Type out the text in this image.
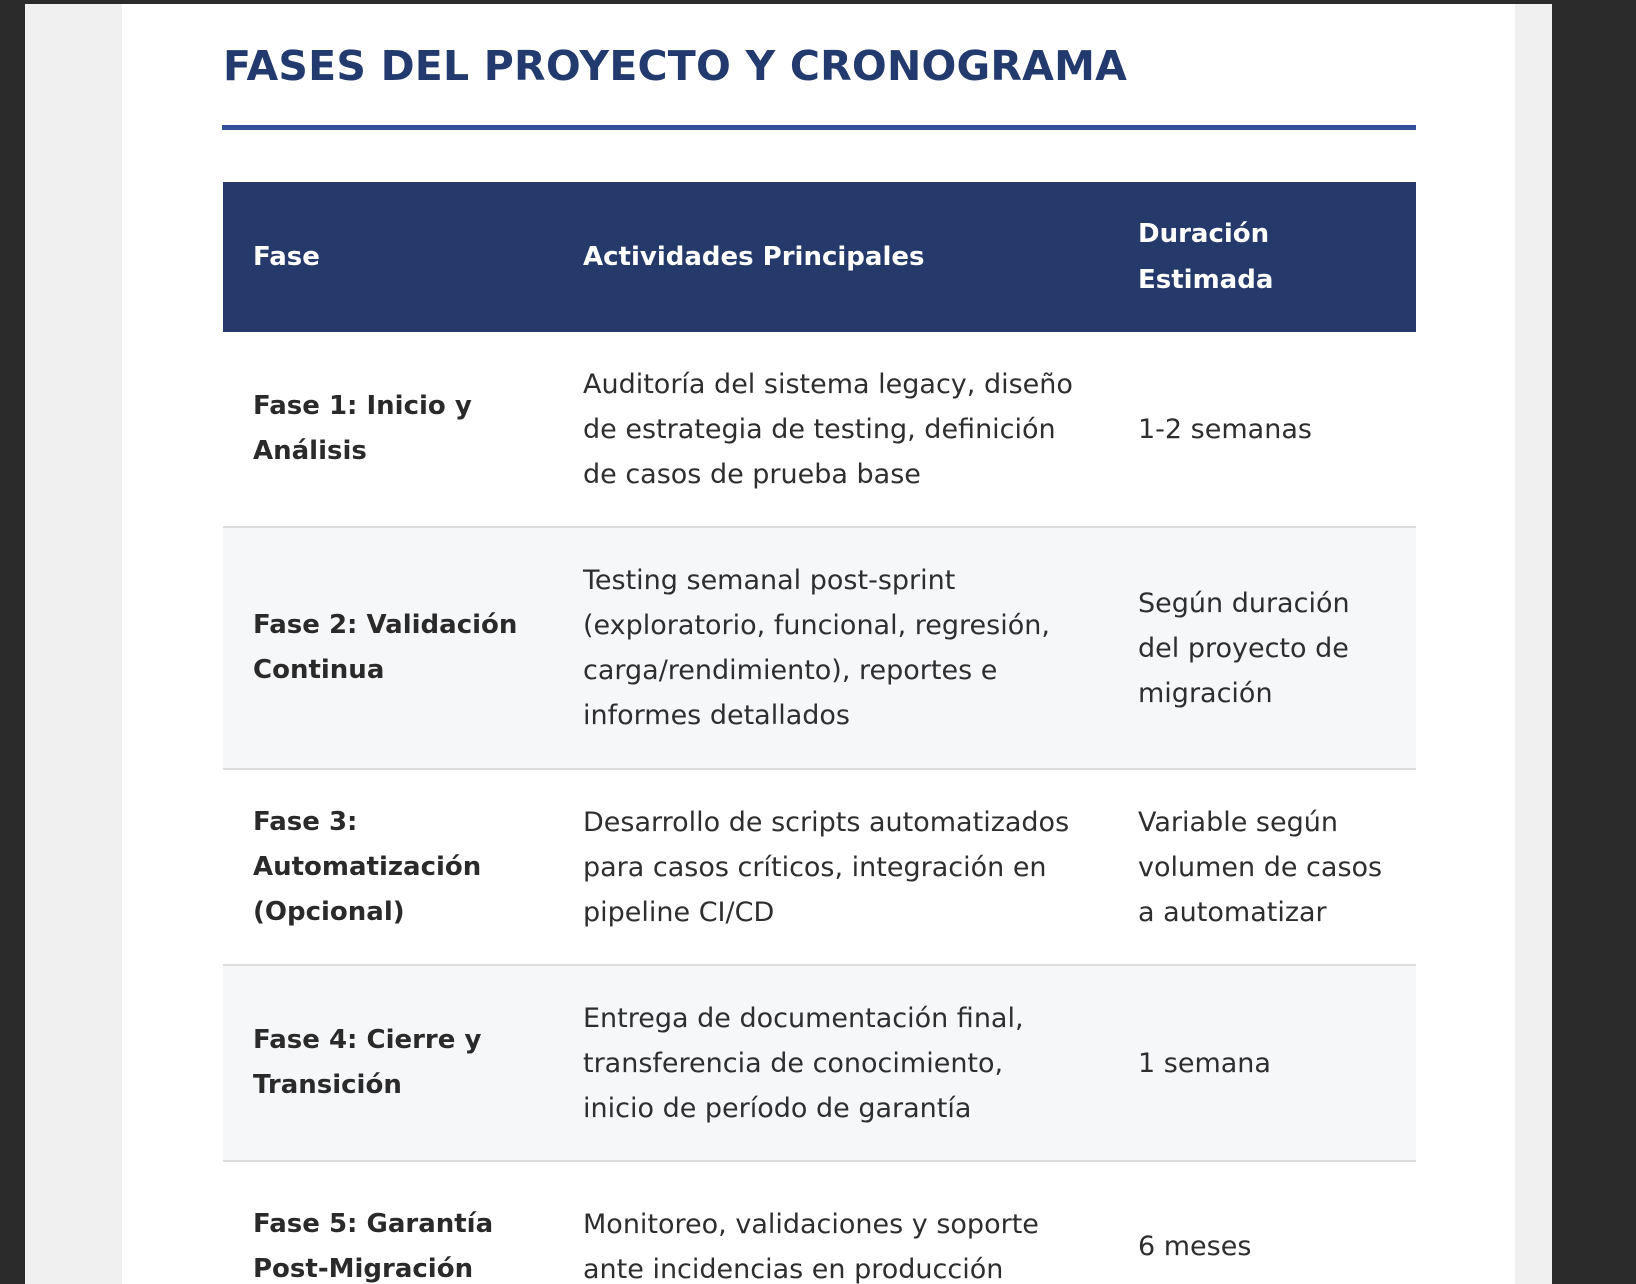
FASES DEL PROYECTO Y CRONOGRAMA
Fase	Actividades Principales	Duración Estimada
Fase 1: Inicio y Análisis	Auditoría del sistema legacy, diseño de estrategia de testing, definición de casos de prueba base	1-2 semanas
Fase 2: Validación Continua	Testing semanal post-sprint (exploratorio, funcional, regresión, carga/rendimiento), reportes e informes detallados	Según duración del proyecto de migración
Fase 3: Automatización (Opcional)	Desarrollo de scripts automatizados para casos críticos, integración en pipeline CI/CD	Variable según volumen de casos a automatizar
Fase 4: Cierre y Transición	Entrega de documentación final, transferencia de conocimiento, inicio de período de garantía	1 semana
Fase 5: Garantía Post-Migración	Monitoreo, validaciones y soporte ante incidencias en producción	6 meses
